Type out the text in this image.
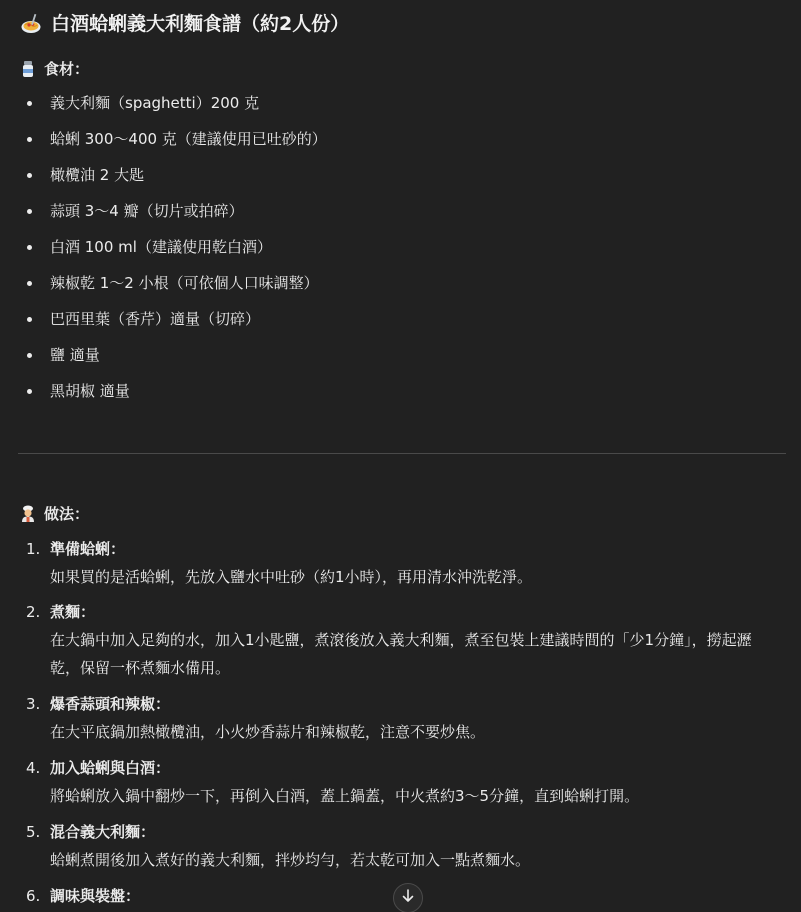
白酒蛤蜊義大利麵食譜（約2人份）
食材：
義大利麵（spaghetti）200 克
蛤蜊 300～400 克（建議使用已吐砂的）
橄欖油 2 大匙
蒜頭 3～4 瓣（切片或拍碎）
白酒 100 ml（建議使用乾白酒）
辣椒乾 1～2 小根（可依個人口味調整）
巴西里葉（香芹）適量（切碎）
鹽 適量
黑胡椒 適量
做法：
1. 準備蛤蜊：
如果買的是活蛤蜊，先放入鹽水中吐砂（約1小時），再用清水沖洗乾淨。
2. 煮麵：
在大鍋中加入足夠的水，加入1小匙鹽，煮滾後放入義大利麵，煮至包裝上建議時間的「少1分鐘」，撈起瀝乾，保留一杯煮麵水備用。
3. 爆香蒜頭和辣椒：
在大平底鍋加熱橄欖油，小火炒香蒜片和辣椒乾，注意不要炒焦。
4. 加入蛤蜊與白酒：
將蛤蜊放入鍋中翻炒一下，再倒入白酒，蓋上鍋蓋，中火煮約3～5分鐘，直到蛤蜊打開。
5. 混合義大利麵：
蛤蜊煮開後加入煮好的義大利麵，拌炒均勻，若太乾可加入一點煮麵水。
6. 調味與裝盤：
